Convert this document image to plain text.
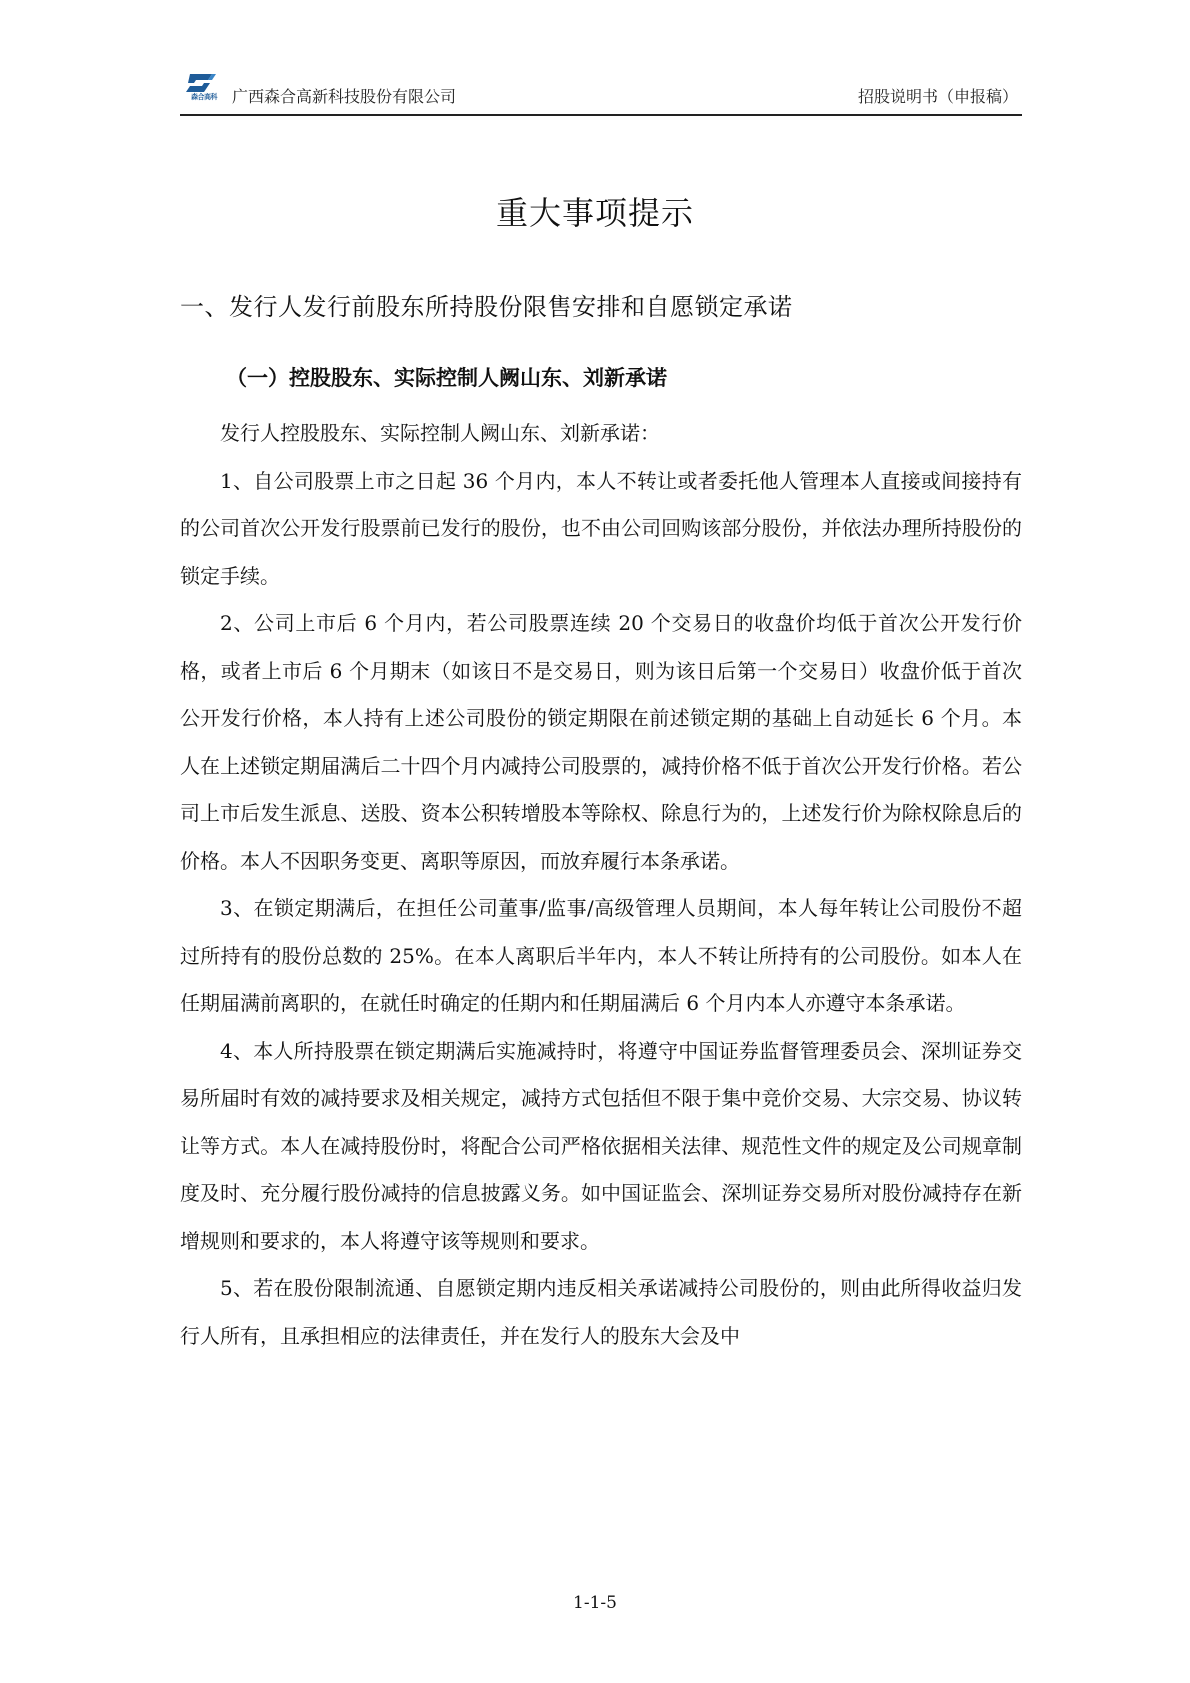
森合高科 广西森合高新科技股份有限公司	招股说明书（申报稿）
重大事项提示
一、发行人发行前股东所持股份限售安排和自愿锁定承诺
（一）控股股东、实际控制人阙山东、刘新承诺

发行人控股股东、实际控制人阙山东、刘新承诺：

1、自公司股票上市之日起 36 个月内，本人不转让或者委托他人管理本人直接或间接持有的公司首次公开发行股票前已发行的股份，也不由公司回购该部分股份，并依法办理所持股份的锁定手续。

2、公司上市后 6 个月内，若公司股票连续 20 个交易日的收盘价均低于首次公开发行价格，或者上市后 6 个月期末（如该日不是交易日，则为该日后第一个交易日）收盘价低于首次公开发行价格，本人持有上述公司股份的锁定期限在前述锁定期的基础上自动延长 6 个月。本人在上述锁定期届满后二十四个月内减持公司股票的，减持价格不低于首次公开发行价格。若公司上市后发生派息、送股、资本公积转增股本等除权、除息行为的，上述发行价为除权除息后的价格。本人不因职务变更、离职等原因，而放弃履行本条承诺。

3、在锁定期满后，在担任公司董事/监事/高级管理人员期间，本人每年转让公司股份不超过所持有的股份总数的 25%。在本人离职后半年内，本人不转让所持有的公司股份。如本人在任期届满前离职的，在就任时确定的任期内和任期届满后 6 个月内本人亦遵守本条承诺。

4、本人所持股票在锁定期满后实施减持时，将遵守中国证券监督管理委员会、深圳证券交易所届时有效的减持要求及相关规定，减持方式包括但不限于集中竞价交易、大宗交易、协议转让等方式。本人在减持股份时，将配合公司严格依据相关法律、规范性文件的规定及公司规章制度及时、充分履行股份减持的信息披露义务。如中国证监会、深圳证券交易所对股份减持存在新增规则和要求的，本人将遵守该等规则和要求。

5、若在股份限制流通、自愿锁定期内违反相关承诺减持公司股份的，则由此所得收益归发行人所有，且承担相应的法律责任，并在发行人的股东大会及中

1-1-5
